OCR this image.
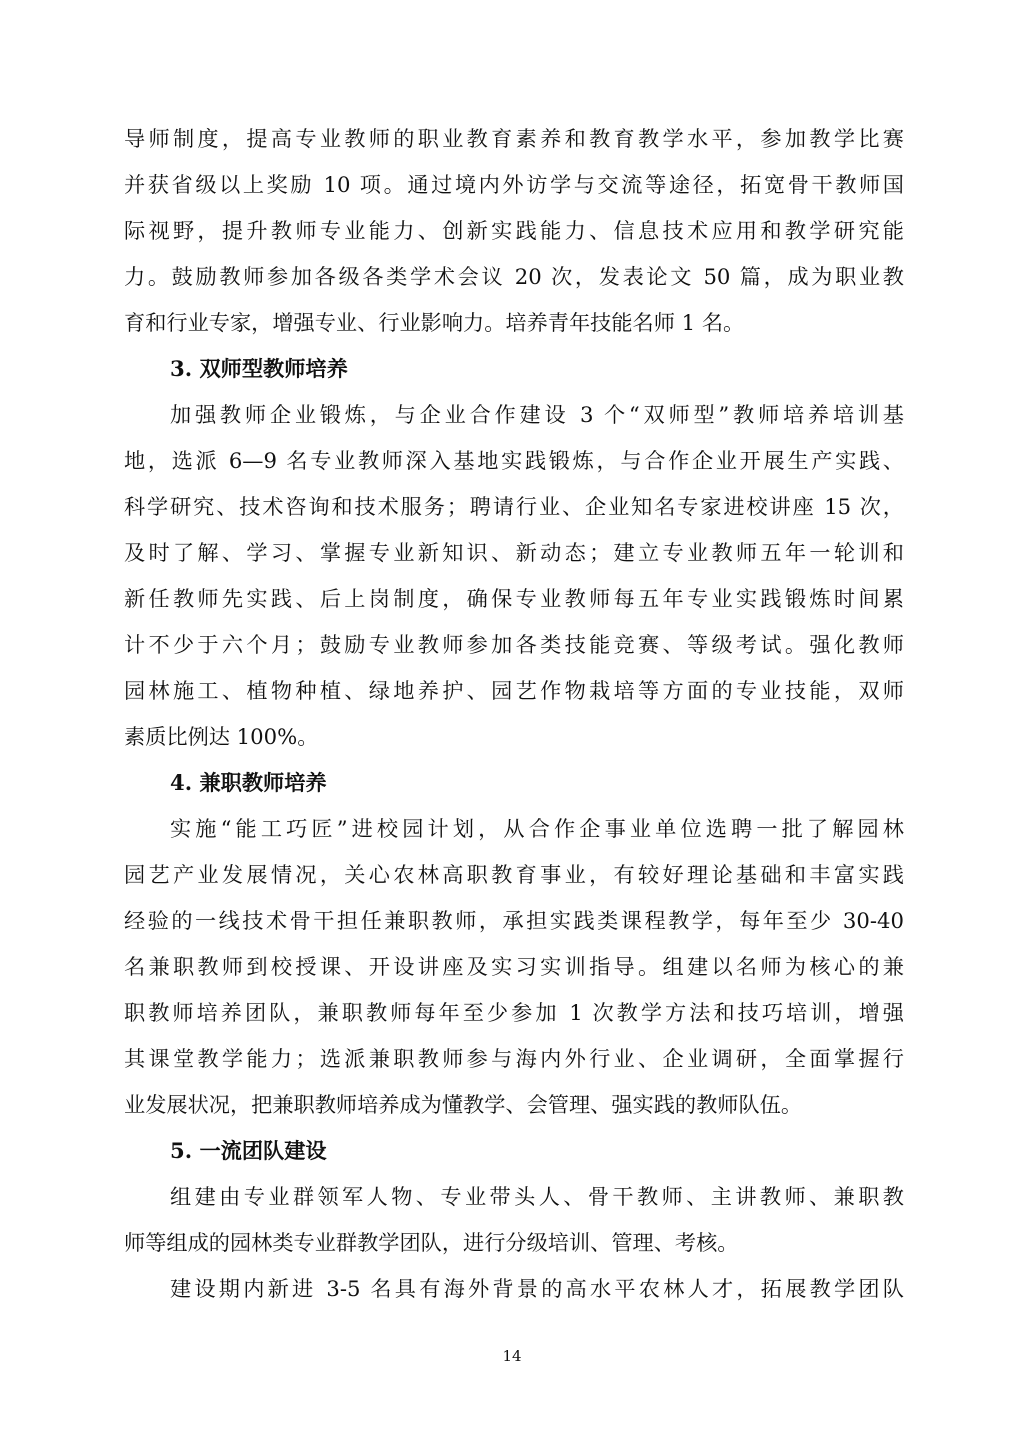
导师制度，提高专业教师的职业教育素养和教育教学水平，参加教学比赛
并获省级以上奖励 10 项。通过境内外访学与交流等途径，拓宽骨干教师国
际视野，提升教师专业能力、创新实践能力、信息技术应用和教学研究能
力。鼓励教师参加各级各类学术会议 20 次，发表论文 50 篇，成为职业教
育和行业专家，增强专业、行业影响力。培养青年技能名师 1 名。
3. 双师型教师培养
加强教师企业锻炼，与企业合作建设 3 个“双师型”教师培养培训基
地，选派 6—9 名专业教师深入基地实践锻炼，与合作企业开展生产实践、
科学研究、技术咨询和技术服务；聘请行业、企业知名专家进校讲座 15 次，
及时了解、学习、掌握专业新知识、新动态；建立专业教师五年一轮训和
新任教师先实践、后上岗制度，确保专业教师每五年专业实践锻炼时间累
计不少于六个月；鼓励专业教师参加各类技能竞赛、等级考试。强化教师
园林施工、植物种植、绿地养护、园艺作物栽培等方面的专业技能，双师
素质比例达 100%。
4. 兼职教师培养
实施“能工巧匠”进校园计划，从合作企事业单位选聘一批了解园林
园艺产业发展情况，关心农林高职教育事业，有较好理论基础和丰富实践
经验的一线技术骨干担任兼职教师，承担实践类课程教学，每年至少 30-40
名兼职教师到校授课、开设讲座及实习实训指导。组建以名师为核心的兼
职教师培养团队，兼职教师每年至少参加 1 次教学方法和技巧培训，增强
其课堂教学能力；选派兼职教师参与海内外行业、企业调研，全面掌握行
业发展状况，把兼职教师培养成为懂教学、会管理、强实践的教师队伍。
5. 一流团队建设
组建由专业群领军人物、专业带头人、骨干教师、主讲教师、兼职教
师等组成的园林类专业群教学团队，进行分级培训、管理、考核。
建设期内新进 3-5 名具有海外背景的高水平农林人才，拓展教学团队
14
